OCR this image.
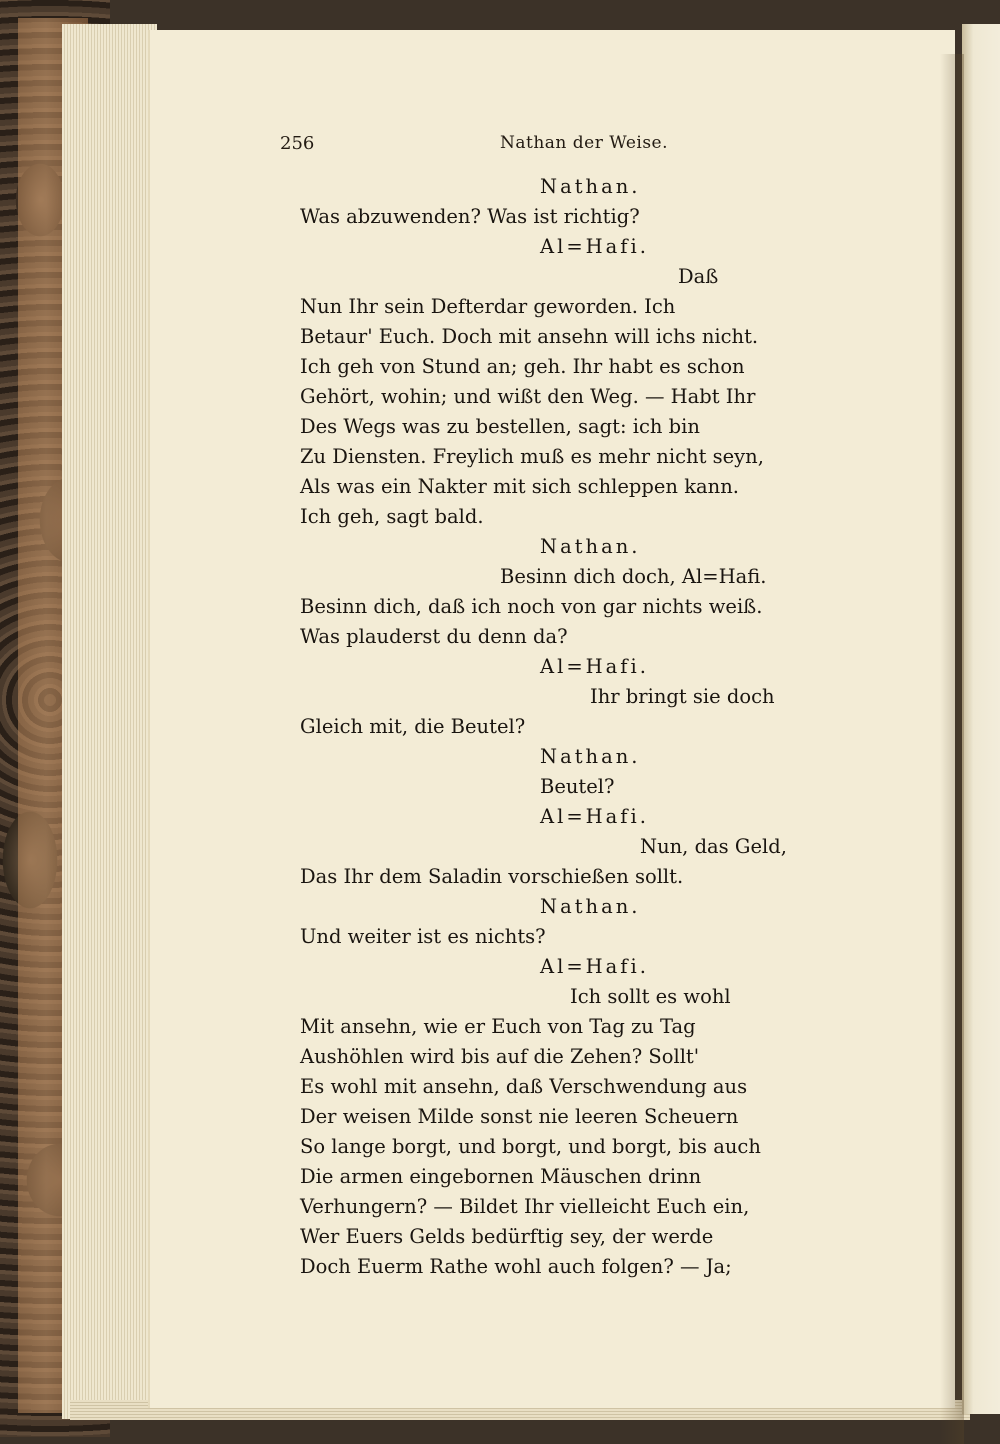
256	Nathan der Weise.
Nathan.
Was abzuwenden? Was ist richtig?
Al=Hafi.
Daß
Nun Ihr sein Defterdar geworden. Ich
Betaur' Euch. Doch mit ansehn will ichs nicht.
Ich geh von Stund an; geh. Ihr habt es schon
Gehört, wohin; und wißt den Weg. — Habt Ihr
Des Wegs was zu bestellen, sagt: ich bin
Zu Diensten. Freylich muß es mehr nicht seyn,
Als was ein Nakter mit sich schleppen kann.
Ich geh, sagt bald.
Nathan.
Besinn dich doch, Al=Hafi.
Besinn dich, daß ich noch von gar nichts weiß.
Was plauderst du denn da?
Al=Hafi.
Ihr bringt sie doch
Gleich mit, die Beutel?
Nathan.
Beutel?
Al=Hafi.
Nun, das Geld,
Das Ihr dem Saladin vorschießen sollt.
Nathan.
Und weiter ist es nichts?
Al=Hafi.
Ich sollt es wohl
Mit ansehn, wie er Euch von Tag zu Tag
Aushöhlen wird bis auf die Zehen? Sollt'
Es wohl mit ansehn, daß Verschwendung aus
Der weisen Milde sonst nie leeren Scheuern
So lange borgt, und borgt, und borgt, bis auch
Die armen eingebornen Mäuschen drinn
Verhungern? — Bildet Ihr vielleicht Euch ein,
Wer Euers Gelds bedürftig sey, der werde
Doch Euerm Rathe wohl auch folgen? — Ja;
